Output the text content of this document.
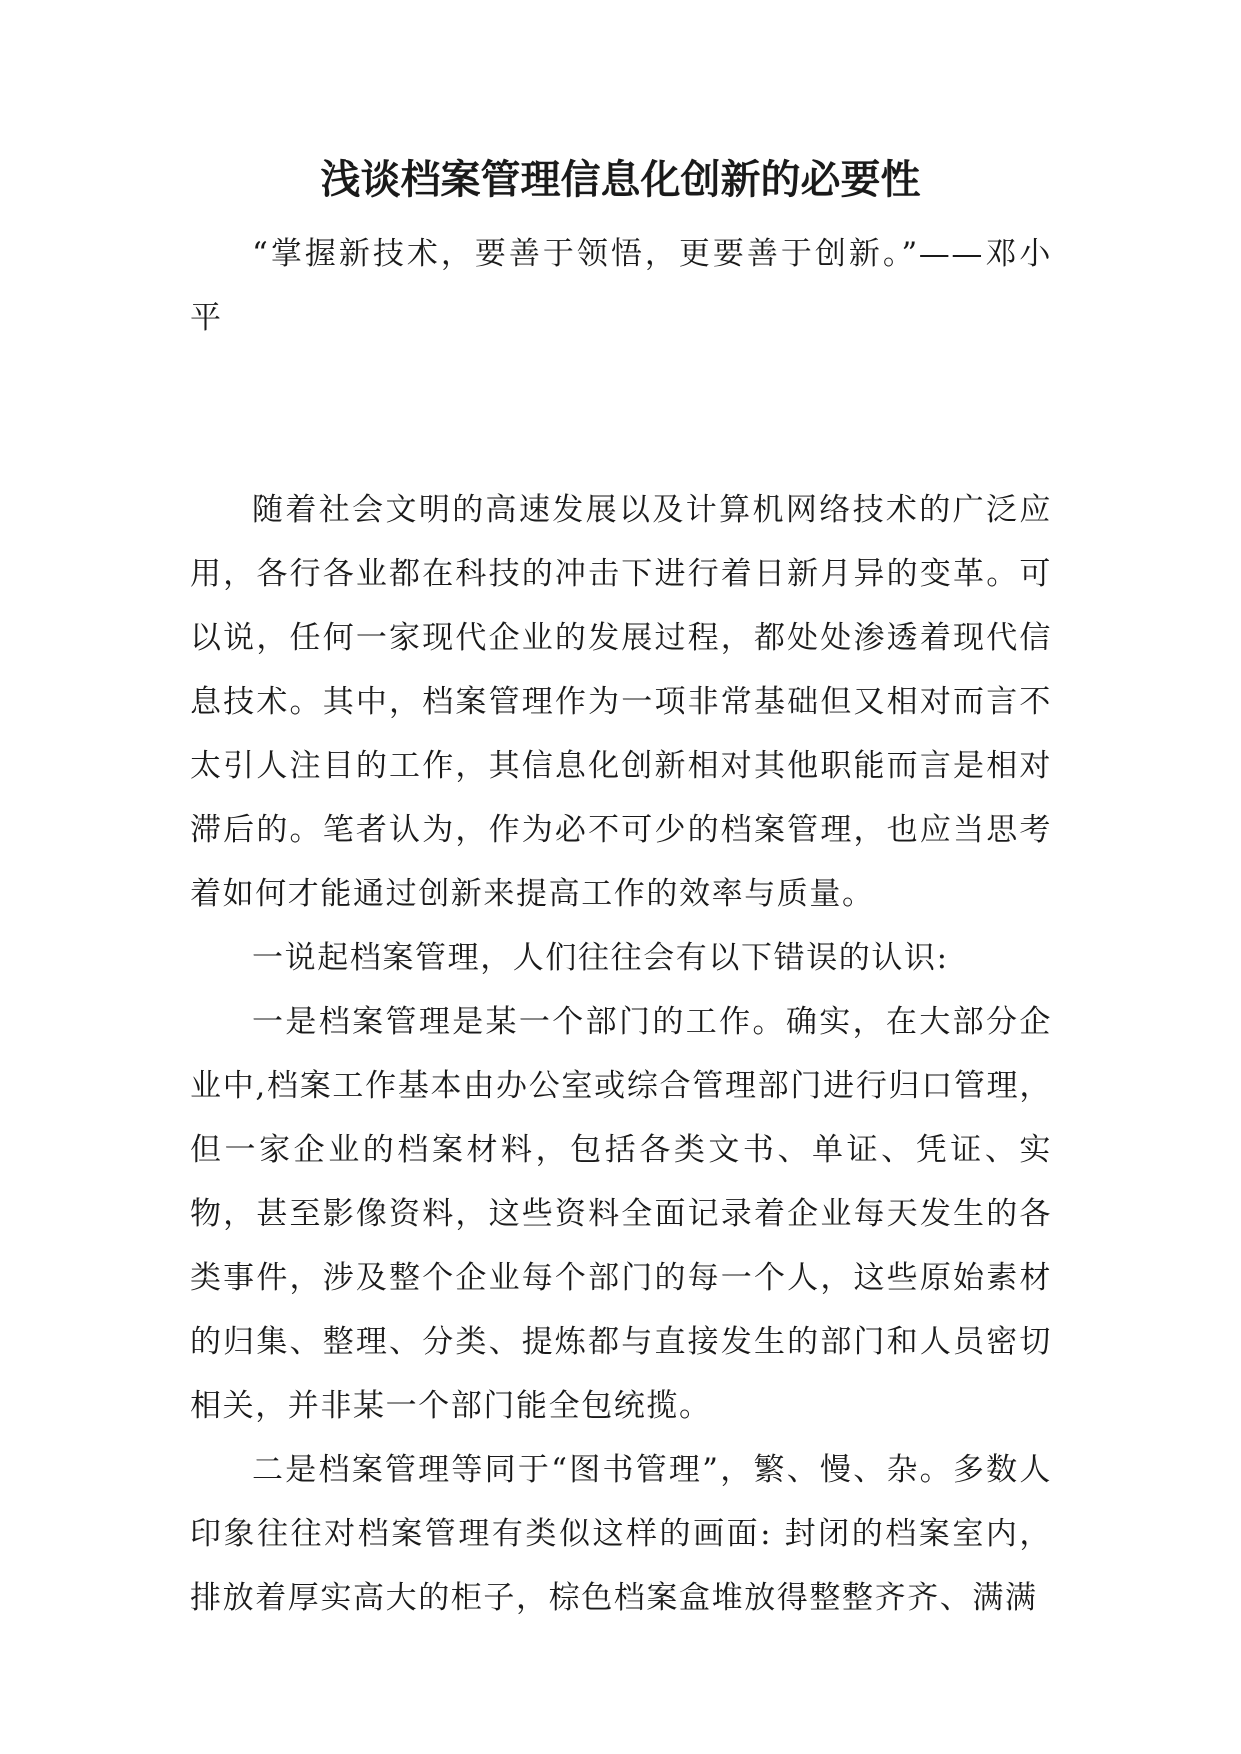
浅谈档案管理信息化创新的必要性

“掌握新技术，要善于领悟，更要善于创新。”——邓小平

随着社会文明的高速发展以及计算机网络技术的广泛应用，各行各业都在科技的冲击下进行着日新月异的变革。可以说，任何一家现代企业的发展过程，都处处渗透着现代信息技术。其中，档案管理作为一项非常基础但又相对而言不太引人注目的工作，其信息化创新相对其他职能而言是相对滞后的。笔者认为，作为必不可少的档案管理，也应当思考着如何才能通过创新来提高工作的效率与质量。

一说起档案管理，人们往往会有以下错误的认识:

一是档案管理是某一个部门的工作。确实，在大部分企业中,档案工作基本由办公室或综合管理部门进行归口管理，但一家企业的档案材料，包括各类文书、单证、凭证、实物，甚至影像资料，这些资料全面记录着企业每天发生的各类事件，涉及整个企业每个部门的每一个人，这些原始素材的归集、整理、分类、提炼都与直接发生的部门和人员密切相关，并非某一个部门能全包统揽。

二是档案管理等同于“图书管理”，繁、慢、杂。多数人印象往往对档案管理有类似这样的画面: 封闭的档案室内，排放着厚实高大的柜子，棕色档案盒堆放得整整齐齐、满满
